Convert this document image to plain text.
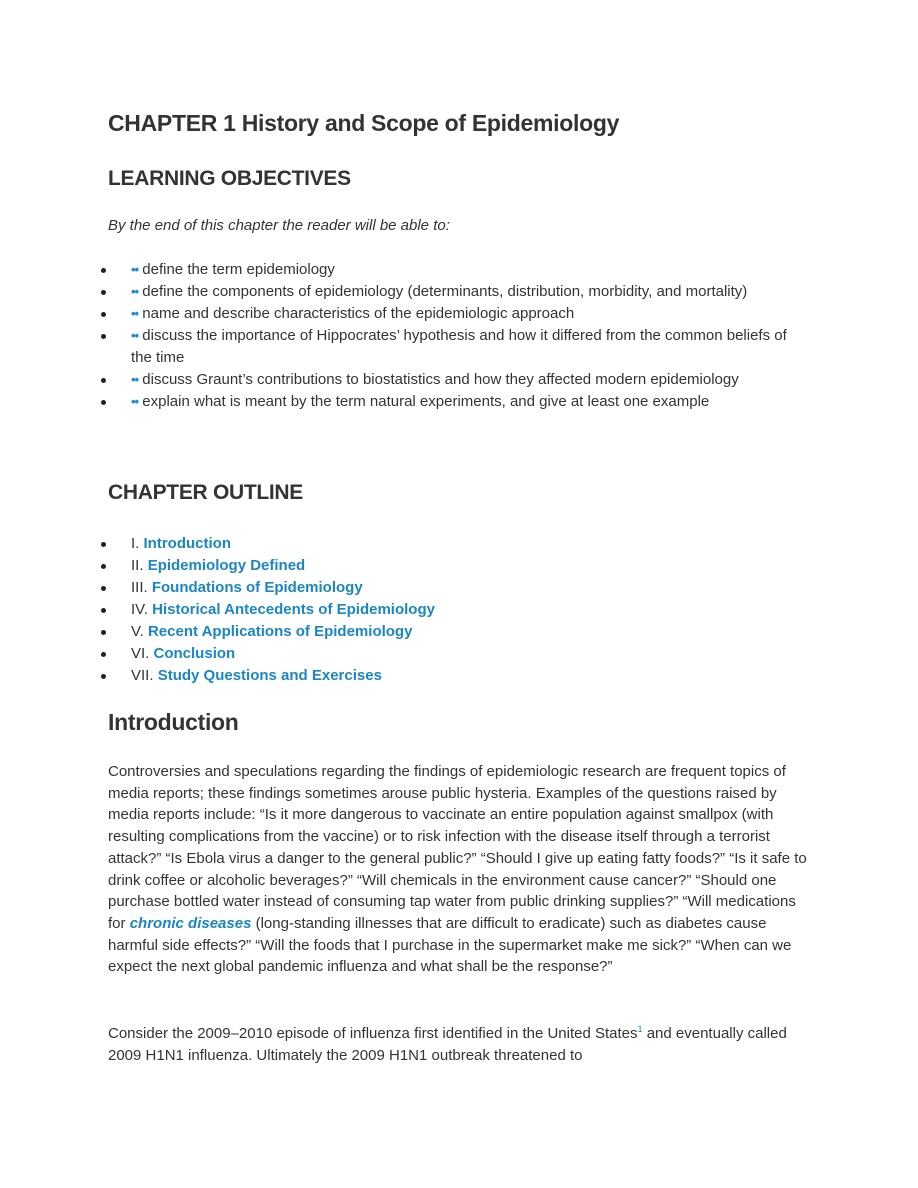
CHAPTER 1 History and Scope of Epidemiology
LEARNING OBJECTIVES
By the end of this chapter the reader will be able to:
•• define the term epidemiology
•• define the components of epidemiology (determinants, distribution, morbidity, and mortality)
•• name and describe characteristics of the epidemiologic approach
•• discuss the importance of Hippocrates’ hypothesis and how it differed from the common beliefs of the time
•• discuss Graunt’s contributions to biostatistics and how they affected modern epidemiology
•• explain what is meant by the term natural experiments, and give at least one example
CHAPTER OUTLINE
I. Introduction
II. Epidemiology Defined
III. Foundations of Epidemiology
IV. Historical Antecedents of Epidemiology
V. Recent Applications of Epidemiology
VI. Conclusion
VII. Study Questions and Exercises
Introduction

Controversies and speculations regarding the findings of epidemiologic research are frequent topics of media reports; these findings sometimes arouse public hysteria. Examples of the questions raised by media reports include: “Is it more dangerous to vaccinate an entire population against smallpox (with resulting complications from the vaccine) or to risk infection with the disease itself through a terrorist attack?” “Is Ebola virus a danger to the general public?” “Should I give up eating fatty foods?” “Is it safe to drink coffee or alcoholic beverages?” “Will chemicals in the environment cause cancer?” “Should one purchase bottled water instead of consuming tap water from public drinking supplies?” “Will medications for chronic diseases (long-standing illnesses that are difficult to eradicate) such as diabetes cause harmful side effects?” “Will the foods that I purchase in the supermarket make me sick?” “When can we expect the next global pandemic influenza and what shall be the response?”

Consider the 2009–2010 episode of influenza first identified in the United States$^1$ and eventually called 2009 H1N1 influenza. Ultimately the 2009 H1N1 outbreak threatened to
